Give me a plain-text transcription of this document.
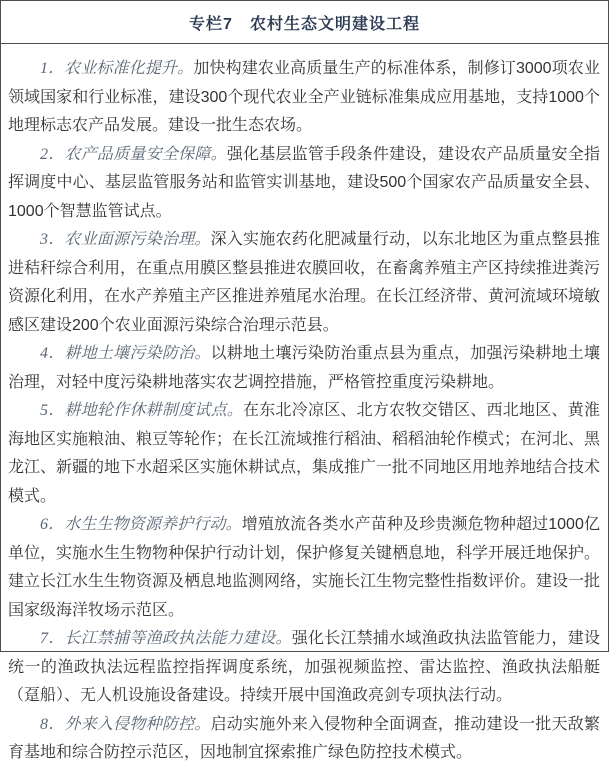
专栏7　农村生态文明建设工程

1．农业标准化提升。加快构建农业高质量生产的标准体系，制修订3000项农业领域国家和行业标准，建设300个现代农业全产业链标准集成应用基地，支持1000个地理标志农产品发展。建设一批生态农场。

2．农产品质量安全保障。强化基层监管手段条件建设，建设农产品质量安全指挥调度中心、基层监管服务站和监管实训基地，建设500个国家农产品质量安全县、1000个智慧监管试点。

3．农业面源污染治理。深入实施农药化肥减量行动，以东北地区为重点整县推进秸秆综合利用，在重点用膜区整县推进农膜回收，在畜禽养殖主产区持续推进粪污资源化利用，在水产养殖主产区推进养殖尾水治理。在长江经济带、黄河流域环境敏感区建设200个农业面源污染综合治理示范县。

4．耕地土壤污染防治。以耕地土壤污染防治重点县为重点，加强污染耕地土壤治理，对轻中度污染耕地落实农艺调控措施，严格管控重度污染耕地。

5．耕地轮作休耕制度试点。在东北冷凉区、北方农牧交错区、西北地区、黄淮海地区实施粮油、粮豆等轮作；在长江流域推行稻油、稻稻油轮作模式；在河北、黑龙江、新疆的地下水超采区实施休耕试点，集成推广一批不同地区用地养地结合技术模式。

6．水生生物资源养护行动。增殖放流各类水产苗种及珍贵濒危物种超过1000亿单位，实施水生生物物种保护行动计划，保护修复关键栖息地，科学开展迁地保护。建立长江水生生物资源及栖息地监测网络，实施长江生物完整性指数评价。建设一批国家级海洋牧场示范区。

7．长江禁捕等渔政执法能力建设。强化长江禁捕水域渔政执法监管能力，建设统一的渔政执法远程监控指挥调度系统，加强视频监控、雷达监控、渔政执法船艇（趸船）、无人机设施设备建设。持续开展中国渔政亮剑专项执法行动。

8．外来入侵物种防控。启动实施外来入侵物种全面调查，推动建设一批天敌繁育基地和综合防控示范区，因地制宜探索推广绿色防控技术模式。
